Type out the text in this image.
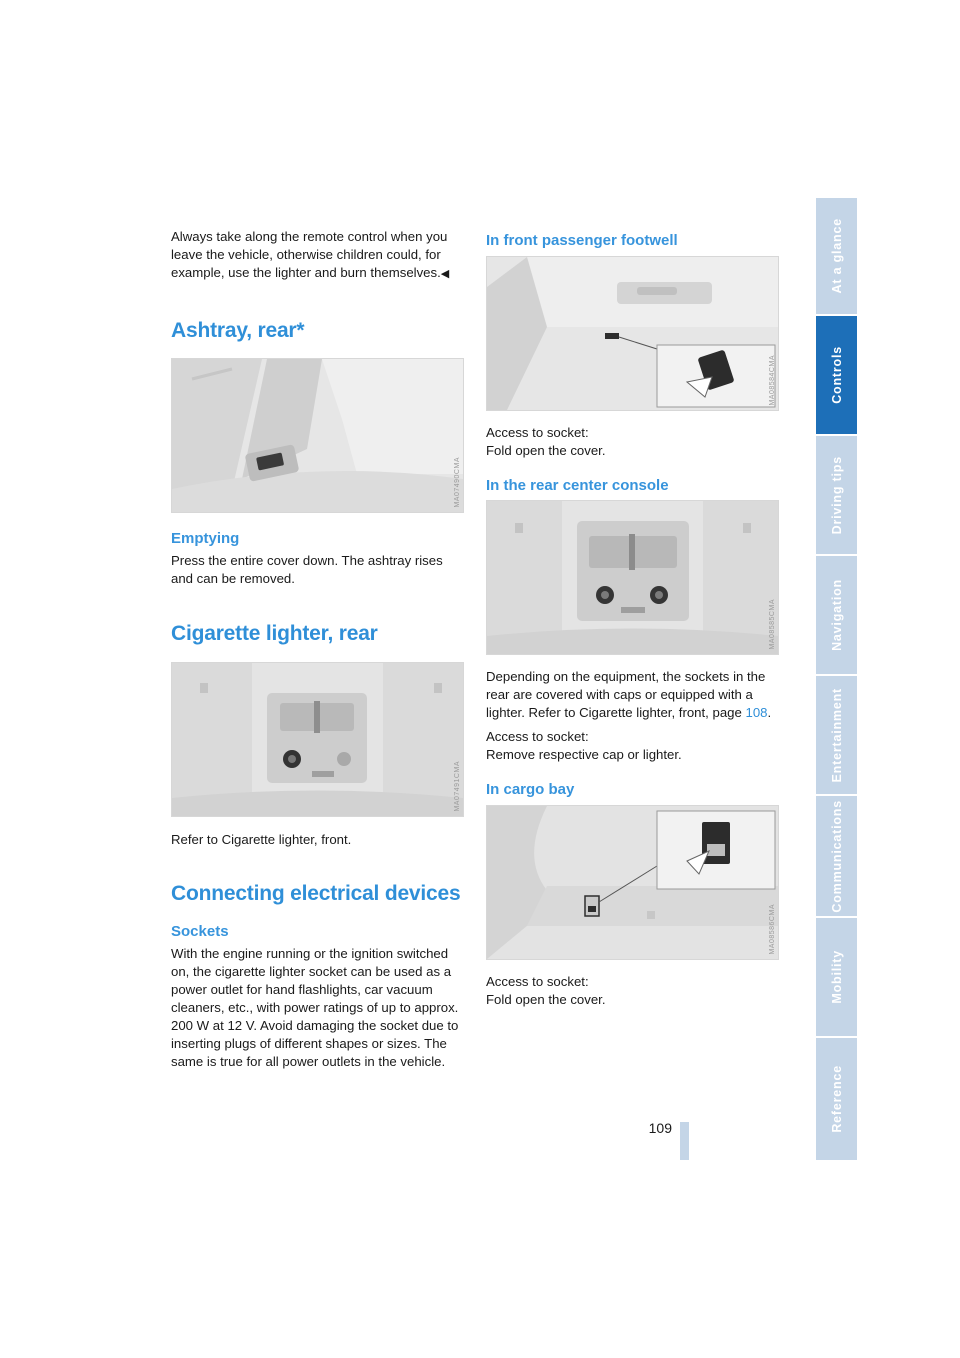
Always take along the remote control when you leave the vehicle, otherwise children could, for example, use the lighter and burn themselves.◀

Ashtray, rear*
MA07490CMA
Emptying

Press the entire cover down. The ashtray rises and can be removed.

Cigarette lighter, rear
MA07491CMA

Refer to Cigarette lighter, front.

Connecting electrical devices
Sockets

With the engine running or the ignition switched on, the cigarette lighter socket can be used as a power outlet for hand flashlights, car vacuum cleaners, etc., with power ratings of up to approx. 200 W at 12 V. Avoid damaging the socket due to inserting plugs of different shapes or sizes. The same is true for all power outlets in the vehicle.

In front passenger footwell
MA08584CMA

Access to socket:

Fold open the cover.

In the rear center console
MA08585CMA

Depending on the equipment, the sockets in the rear are covered with caps or equipped with a lighter. Refer to Cigarette lighter, front, page 108.

Access to socket:

Remove respective cap or lighter.

In cargo bay
MA08586CMA

Access to socket:

Fold open the cover.

At a glance
Controls
Driving tips
Navigation
Entertainment
Communications
Mobility
Reference
109
